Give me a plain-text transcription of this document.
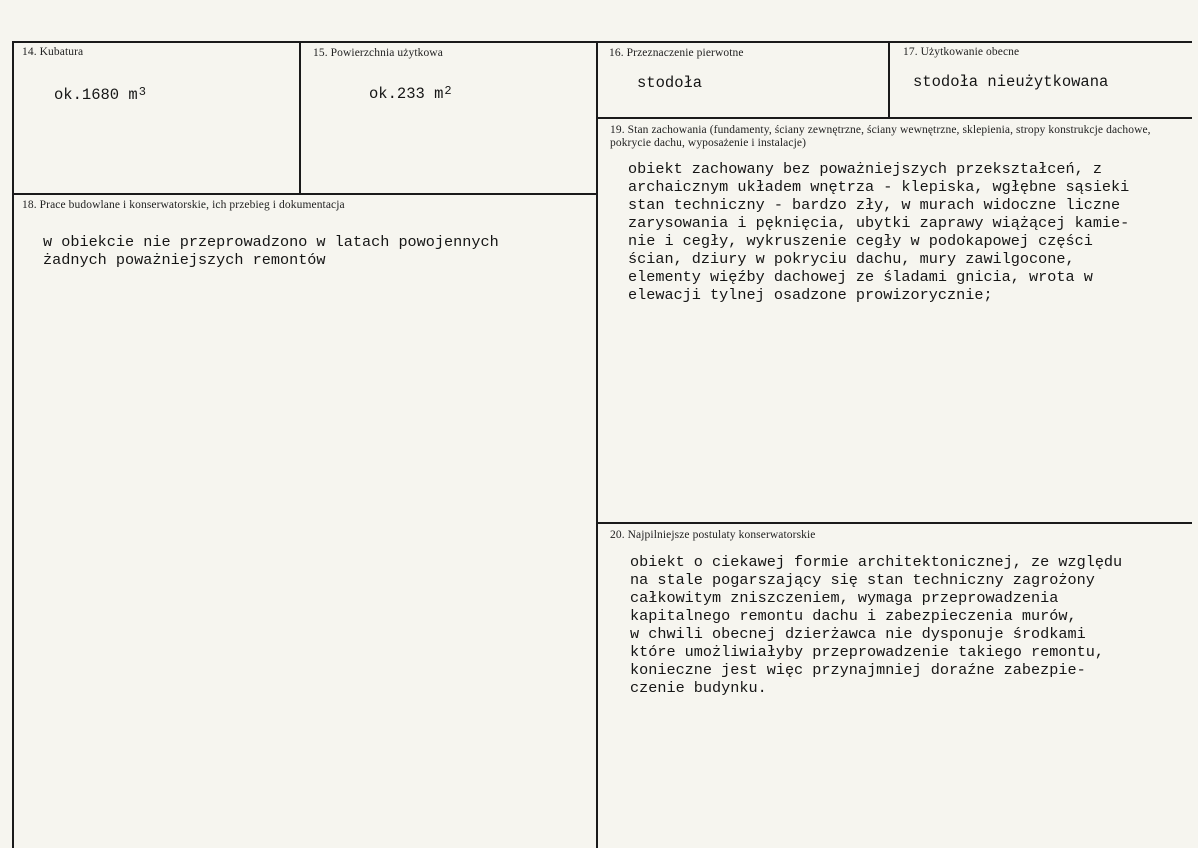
14. Kubatura
ok.1680 $m^3$
15. Powierzchnia użytkowa
ok.233 $m^2$
16. Przeznaczenie pierwotne
stodoła
17. Użytkowanie obecne
stodoła nieużytkowana
18. Prace budowlane i konserwatorskie, ich przebieg i dokumentacja
w obiekcie nie przeprowadzono w latach powojennych
żadnych poważniejszych remontów
19. Stan zachowania (fundamenty, ściany zewnętrzne, ściany wewnętrzne, sklepienia, stropy konstrukcje dachowe, pokrycie dachu, wyposażenie i instalacje)
obiekt zachowany bez poważniejszych przekształceń, z
archaicznym układem wnętrza - klepiska, wgłębne sąsieki
stan techniczny - bardzo zły, w murach widoczne liczne
zarysowania i pęknięcia, ubytki zaprawy wiążącej kamie-
nie i cegły, wykruszenie cegły w podokapowej części
ścian, dziury w pokryciu dachu, mury zawilgocone,
elementy więźby dachowej ze śladami gnicia, wrota w
elewacji tylnej osadzone prowizorycznie;
20. Najpilniejsze postulaty konserwatorskie
obiekt o ciekawej formie architektonicznej, ze względu
na stale pogarszający się stan techniczny zagrożony
całkowitym zniszczeniem, wymaga przeprowadzenia
kapitalnego remontu dachu i zabezpieczenia murów,
w chwili obecnej dzierżawca nie dysponuje środkami
które umożliwiałyby przeprowadzenie takiego remontu,
konieczne jest więc przynajmniej doraźne zabezpie-
czenie budynku.
